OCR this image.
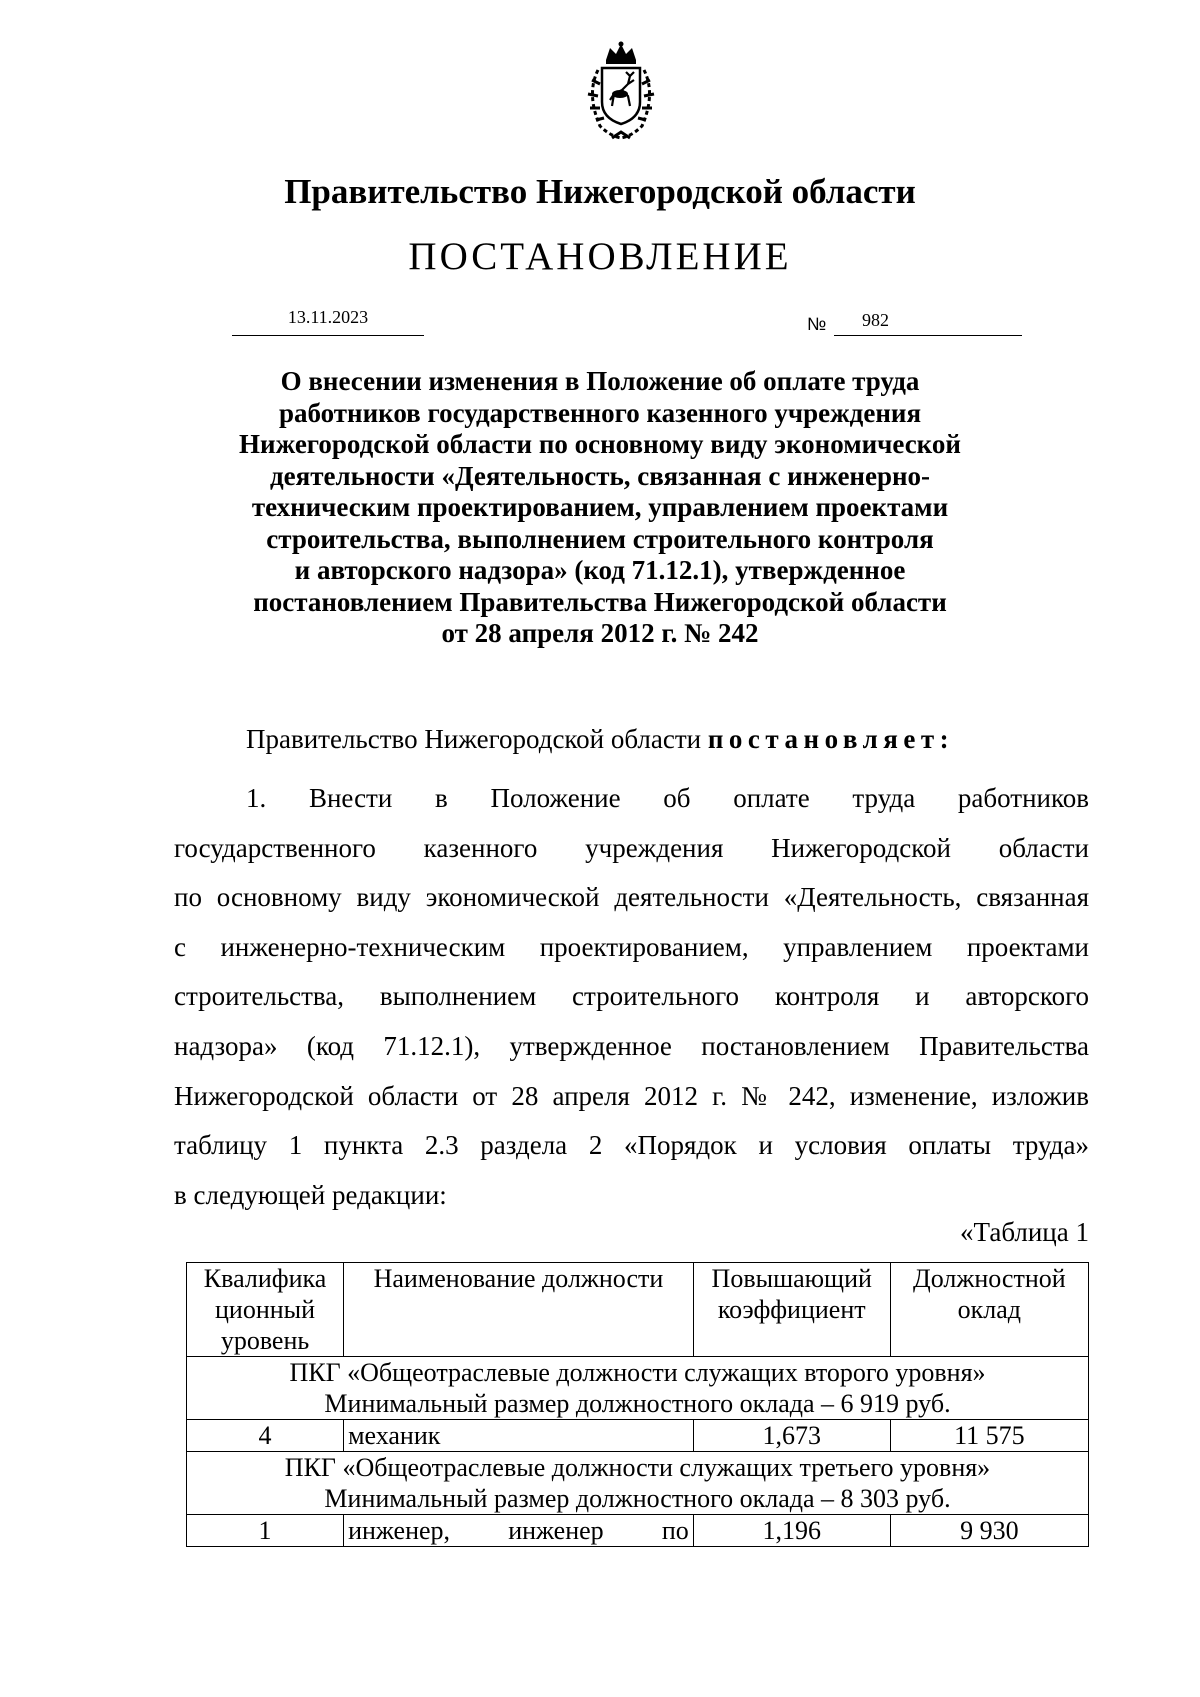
Правительство Нижегородской области
ПОСТАНОВЛЕНИЕ
13.11.2023	№ 982
О внесении изменения в Положение об оплате труда
работников государственного казенного учреждения
Нижегородской области по основному виду экономической
деятельности «Деятельность, связанная с инженерно-
техническим проектированием, управлением проектами
строительства, выполнением строительного контроля
и авторского надзора» (код 71.12.1), утвержденное
постановлением Правительства Нижегородской области
от 28 апреля 2012 г. № 242
Правительство Нижегородской области постановляет:
1. Внести в Положение об оплате труда работников
государственного казенного учреждения Нижегородской области
по основному виду экономической деятельности «Деятельность, связанная
с инженерно-техническим проектированием, управлением проектами
строительства, выполнением строительного контроля и авторского
надзора» (код 71.12.1), утвержденное постановлением Правительства
Нижегородской области от 28 апреля 2012 г. № 242, изменение, изложив
таблицу 1 пункта 2.3 раздела 2 «Порядок и условия оплаты труда»
в следующей редакции:
«Таблица 1
Квалифика ционный уровень	Наименование должности	Повышающий коэффициент	Должностной оклад

ПКГ «Общеотраслевые должности служащих второго уровня»
Минимальный размер должностного оклада – 6 919 руб.			

4	механик	1,673	11 575

ПКГ «Общеотраслевые должности служащих третьего уровня»
Минимальный размер должностного оклада – 8 303 руб.			

1	инженер, инженер по	1,196	9 930
